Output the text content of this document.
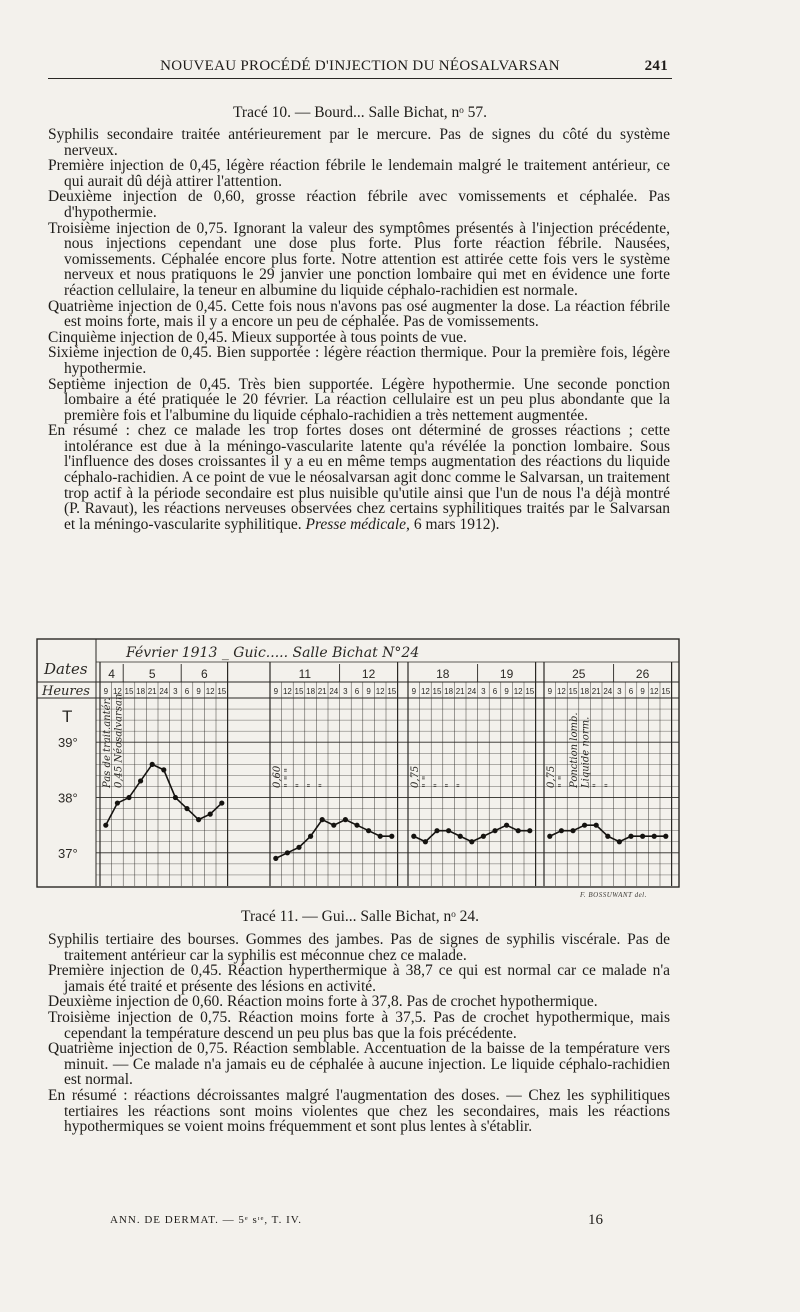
NOUVEAU PROCÉDÉ D'INJECTION DU NÉOSALVARSAN	241
Tracé 10. — Bourd... Salle Bichat, nᵒ 57.

Syphilis secondaire traitée antérieurement par le mercure. Pas de signes du côté du système nerveux.

Première injection de 0,45, légère réaction fébrile le lendemain malgré le traitement antérieur, ce qui aurait dû déjà attirer l'attention.

Deuxième injection de 0,60, grosse réaction fébrile avec vomissements et céphalée. Pas d'hypothermie.

Troisième injection de 0,75. Ignorant la valeur des symptômes présentés à l'injection précédente, nous injections cependant une dose plus forte. Plus forte réaction fébrile. Nausées, vomissements. Céphalée encore plus forte. Notre attention est attirée cette fois vers le système nerveux et nous pratiquons le 29 janvier une ponction lombaire qui met en évidence une forte réaction cellulaire, la teneur en albumine du liquide céphalo-rachidien est normale.

Quatrième injection de 0,45. Cette fois nous n'avons pas osé augmenter la dose. La réaction fébrile est moins forte, mais il y a encore un peu de céphalée. Pas de vomissements.

Cinquième injection de 0,45. Mieux supportée à tous points de vue.

Sixième injection de 0,45. Bien supportée : légère réaction thermique. Pour la première fois, légère hypothermie.

Septième injection de 0,45. Très bien supportée. Légère hypothermie. Une seconde ponction lombaire a été pratiquée le 20 février. La réaction cellulaire est un peu plus abondante que la première fois et l'albumine du liquide céphalo-rachidien a très nettement augmentée.

En résumé : chez ce malade les trop fortes doses ont déterminé de grosses réactions ; cette intolérance est due à la méningo-vascularite latente qu'a révélée la ponction lombaire. Sous l'influence des doses croissantes il y a eu en même temps augmentation des réactions du liquide céphalo-rachidien. A ce point de vue le néosalvarsan agit donc comme le Salvarsan, un traitement trop actif à la période secondaire est plus nuisible qu'utile ainsi que l'un de nous l'a déjà montré (P. Ravaut), les réactions nerveuses observées chez certains syphilitiques traités par le Salvarsan et la méningo-vascularite syphilitique. Presse médicale, 6 mars 1912).

Dates
Heures
T
Février 1913 _ Guic..... Salle Bichat N°24
39°
38°
37°
4	5	6
9 12 15 18 21 24 3 6 9 12 15
Pas de trait.antér. 0,45 Néosalvarsan
11	12
9 12 15 18 21 24 3 6 9 12 15
0,60 " " " " " "
18	19
9 12 15 18 21 24 3 6 9 12 15
0,75 " " " " "
25	26
9 12 15 18 21 24 3 6 9 12 15
0,75 " " Ponction lomb. Liquide norm. " "
F. BOSSUWANT del.
Tracé 11. — Gui... Salle Bichat, nᵒ 24.

Syphilis tertiaire des bourses. Gommes des jambes. Pas de signes de syphilis viscérale. Pas de traitement antérieur car la syphilis est méconnue chez ce malade.

Première injection de 0,45. Réaction hyperthermique à 38,7 ce qui est normal car ce malade n'a jamais été traité et présente des lésions en activité.

Deuxième injection de 0,60. Réaction moins forte à 37,8. Pas de crochet hypothermique.

Troisième injection de 0,75. Réaction moins forte à 37,5. Pas de crochet hypothermique, mais cependant la température descend un peu plus bas que la fois précédente.

Quatrième injection de 0,75. Réaction semblable. Accentuation de la baisse de la température vers minuit. — Ce malade n'a jamais eu de céphalée à aucune injection. Le liquide céphalo-rachidien est normal.

En résumé : réactions décroissantes malgré l'augmentation des doses. — Chez les syphilitiques tertiaires les réactions sont moins violentes que chez les secondaires, mais les réactions hypothermiques se voient moins fréquemment et sont plus lentes à s'établir.

ANN. DE DERMAT. — 5ᵉ sᶦᵉ, T. IV.	16
